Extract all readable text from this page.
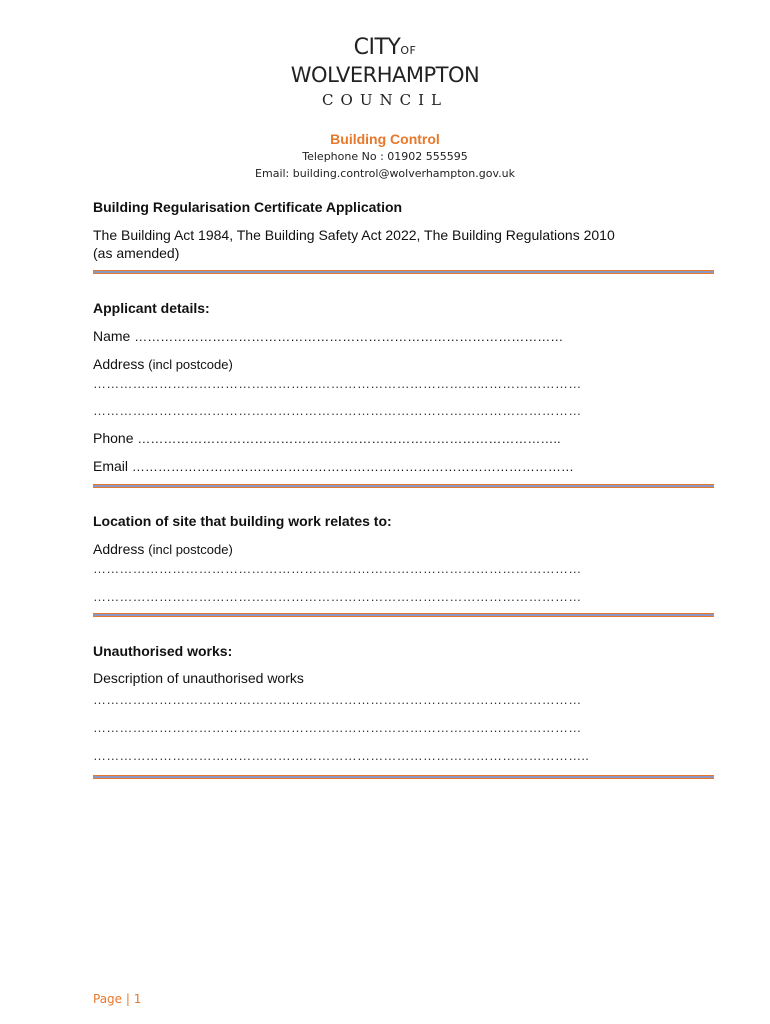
CITYOF
WOLVERHAMPTON
COUNCIL
Building Control
Telephone No : 01902 555595
Email: building.control@wolverhampton.gov.uk
Building Regularisation Certificate Application
The Building Act 1984, The Building Safety Act 2022, The Building Regulations 2010
(as amended)
Applicant details:
Name ………………………………………………………………………………………
Address (incl postcode)
…………………………………………………………………………………………………
…………………………………………………………………………………………………
Phone ……………………………………………………………………………………..
Email …………………………………………………………………………………………
Location of site that building work relates to:
Address (incl postcode)
…………………………………………………………………………………………………
…………………………………………………………………………………………………
Unauthorised works:
Description of unauthorised works
…………………………………………………………………………………………………
…………………………………………………………………………………………………
…………………………………………………………………………………………………..
Page | 1
